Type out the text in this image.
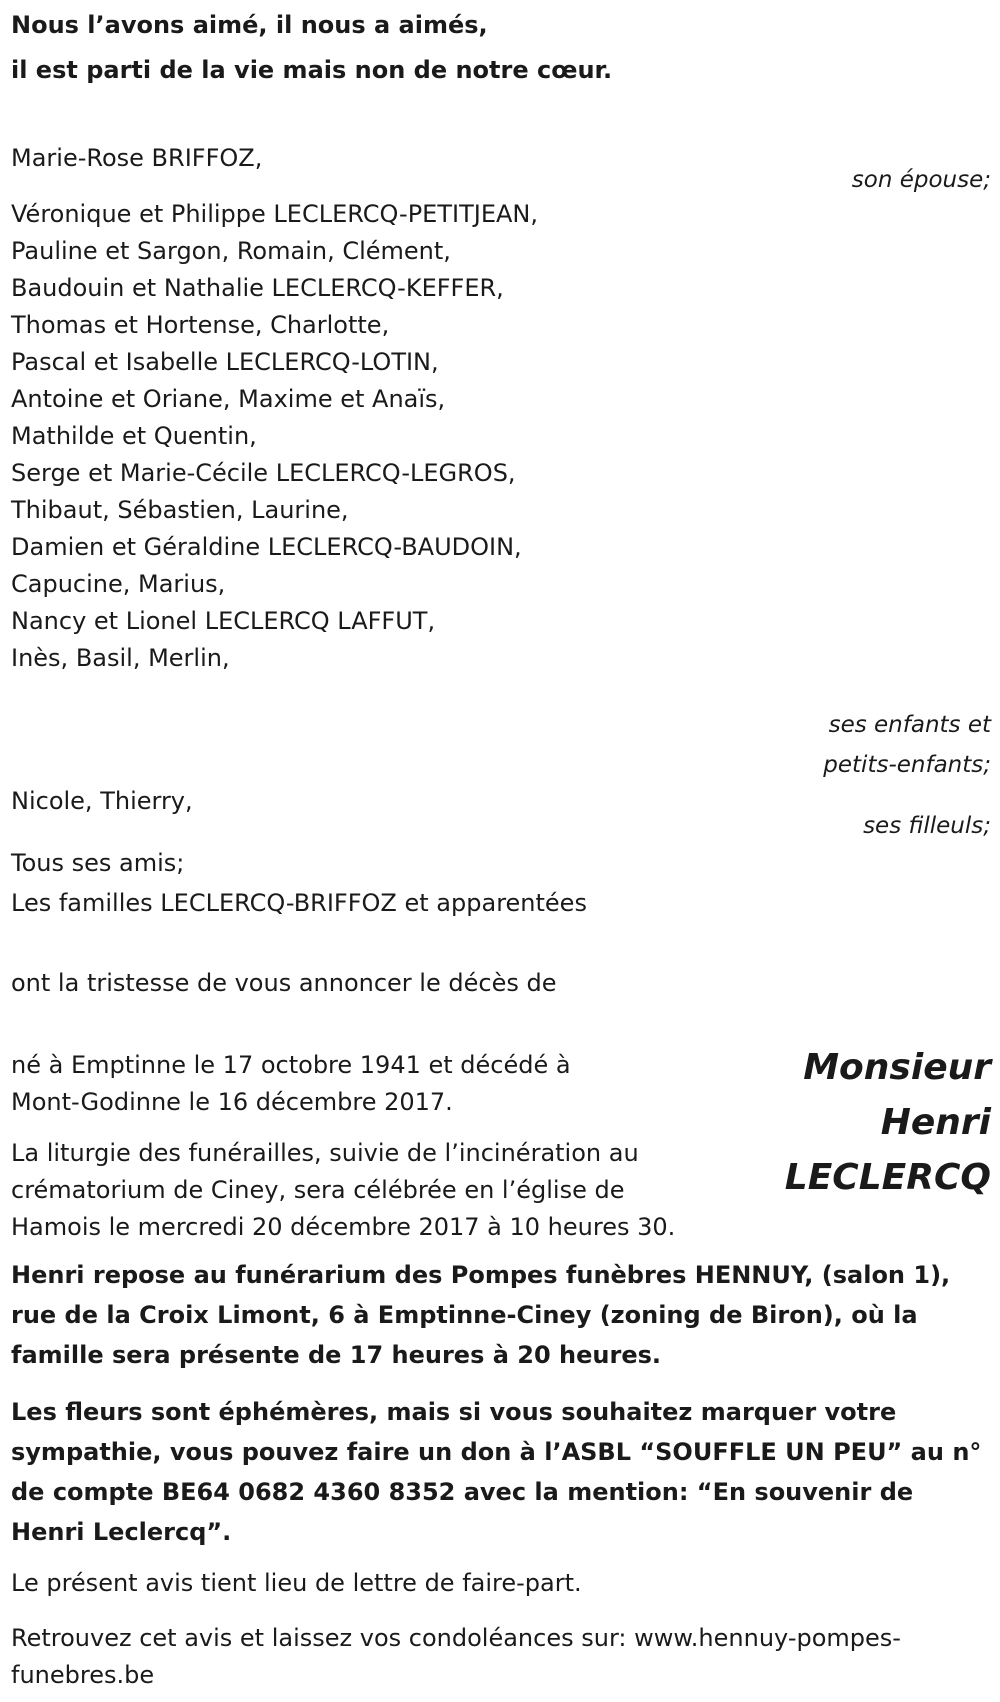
Nous l’avons aimé, il nous a aimés,
il est parti de la vie mais non de notre cœur.
Marie-Rose BRIFFOZ,
son épouse;
Véronique et Philippe LECLERCQ-PETITJEAN,
Pauline et Sargon, Romain, Clément,
Baudouin et Nathalie LECLERCQ-KEFFER,
Thomas et Hortense, Charlotte,
Pascal et Isabelle LECLERCQ-LOTIN,
Antoine et Oriane, Maxime et Anaïs,
Mathilde et Quentin,
Serge et Marie-Cécile LECLERCQ-LEGROS,
Thibaut, Sébastien, Laurine,
Damien et Géraldine LECLERCQ-BAUDOIN,
Capucine, Marius,
Nancy et Lionel LECLERCQ LAFFUT,
Inès, Basil, Merlin,
ses enfants et
petits-enfants;
Nicole, Thierry,
ses filleuls;
Tous ses amis;
Les familles LECLERCQ-BRIFFOZ et apparentées
ont la tristesse de vous annoncer le décès de
Monsieur
Henri
LECLERCQ
né à Emptinne le 17 octobre 1941 et décédé à
Mont-Godinne le 16 décembre 2017.
La liturgie des funérailles, suivie de l’incinération au
crématorium de Ciney, sera célébrée en l’église de
Hamois le mercredi 20 décembre 2017 à 10 heures 30.
Henri repose au funérarium des Pompes funèbres HENNUY, (salon 1),
rue de la Croix Limont, 6 à Emptinne-Ciney (zoning de Biron), où la
famille sera présente de 17 heures à 20 heures.
Les fleurs sont éphémères, mais si vous souhaitez marquer votre
sympathie, vous pouvez faire un don à l’ASBL “SOUFFLE UN PEU” au n°
de compte BE64 0682 4360 8352 avec la mention: “En souvenir de
Henri Leclercq”.
Le présent avis tient lieu de lettre de faire-part.
Retrouvez cet avis et laissez vos condoléances sur: www.hennuy-pompes-
funebres.be
